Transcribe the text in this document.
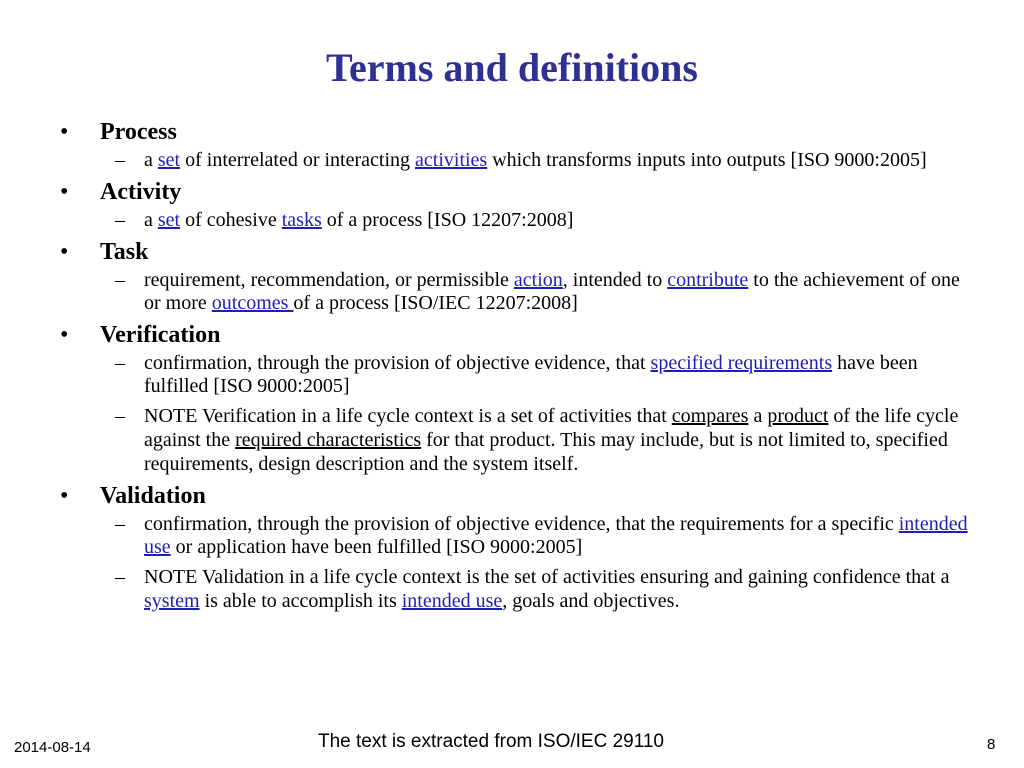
Terms and definitions
• Process
– a set of interrelated or interacting activities which transforms inputs into outputs [ISO 9000:2005]
• Activity
– a set of cohesive tasks of a process [ISO 12207:2008]
• Task
– requirement, recommendation, or permissible action, intended to contribute to the achievement of one or more outcomes of a process [ISO/IEC 12207:2008]
• Verification
– confirmation, through the provision of objective evidence, that specified requirements have been fulfilled [ISO 9000:2005]
– NOTE Verification in a life cycle context is a set of activities that compares a product of the life cycle against the required characteristics for that product. This may include, but is not limited to, specified requirements, design description and the system itself.
• Validation
– confirmation, through the provision of objective evidence, that the requirements for a specific intended use or application have been fulfilled [ISO 9000:2005]
– NOTE Validation in a life cycle context is the set of activities ensuring and gaining confidence that a system is able to accomplish its intended use, goals and objectives.
The text is extracted from ISO/IEC 29110
2014-08-14	8
